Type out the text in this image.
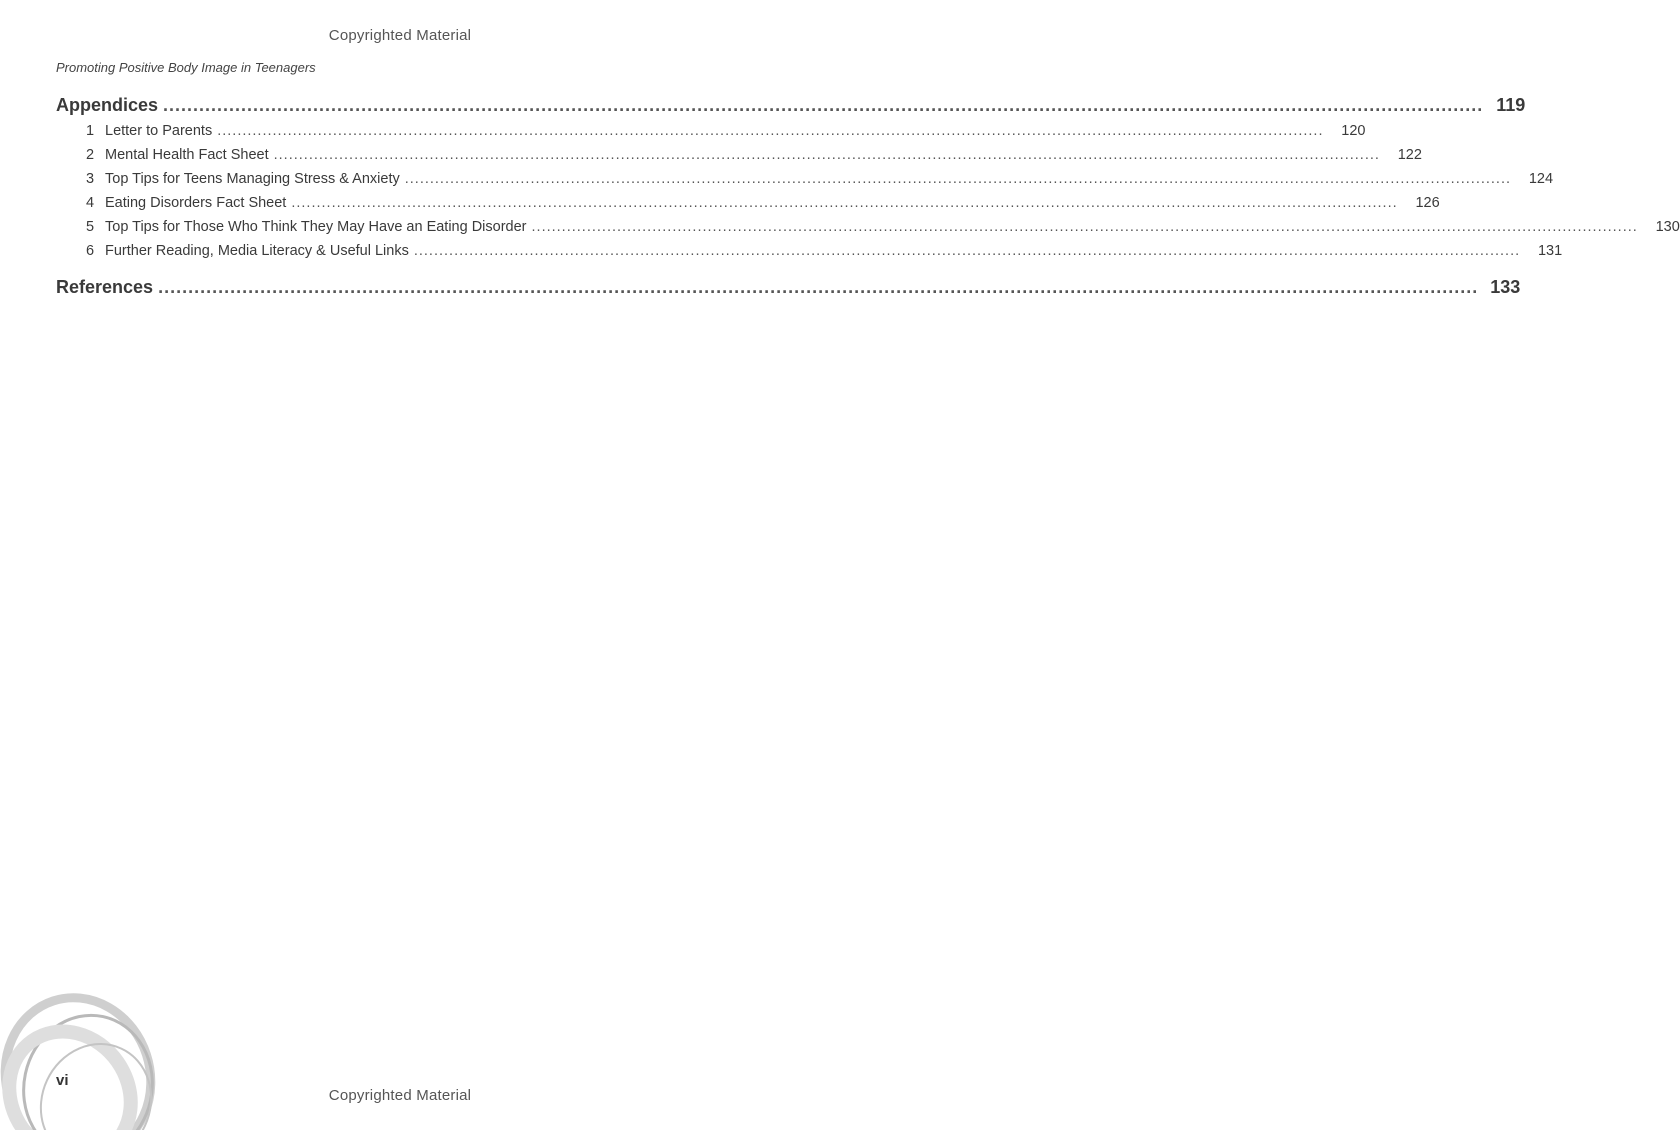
Copyrighted Material
Promoting Positive Body Image in Teenagers
Appendices ............................................................................................................................................................................................................................ 119
1 Letter to Parents ............................................................................................................................................................................................................................	120
2 Mental Health Fact Sheet ............................................................................................................................................................................................................................	122
3 Top Tips for Teens Managing Stress & Anxiety ............................................................................................................................................................................................................................	124
4 Eating Disorders Fact Sheet ............................................................................................................................................................................................................................	126
5 Top Tips for Those Who Think They May Have an Eating Disorder ............................................................................................................................................................................................................................	130
6 Further Reading, Media Literacy & Useful Links ............................................................................................................................................................................................................................	131
References ............................................................................................................................................................................................................................ 133
vi
Copyrighted Material
